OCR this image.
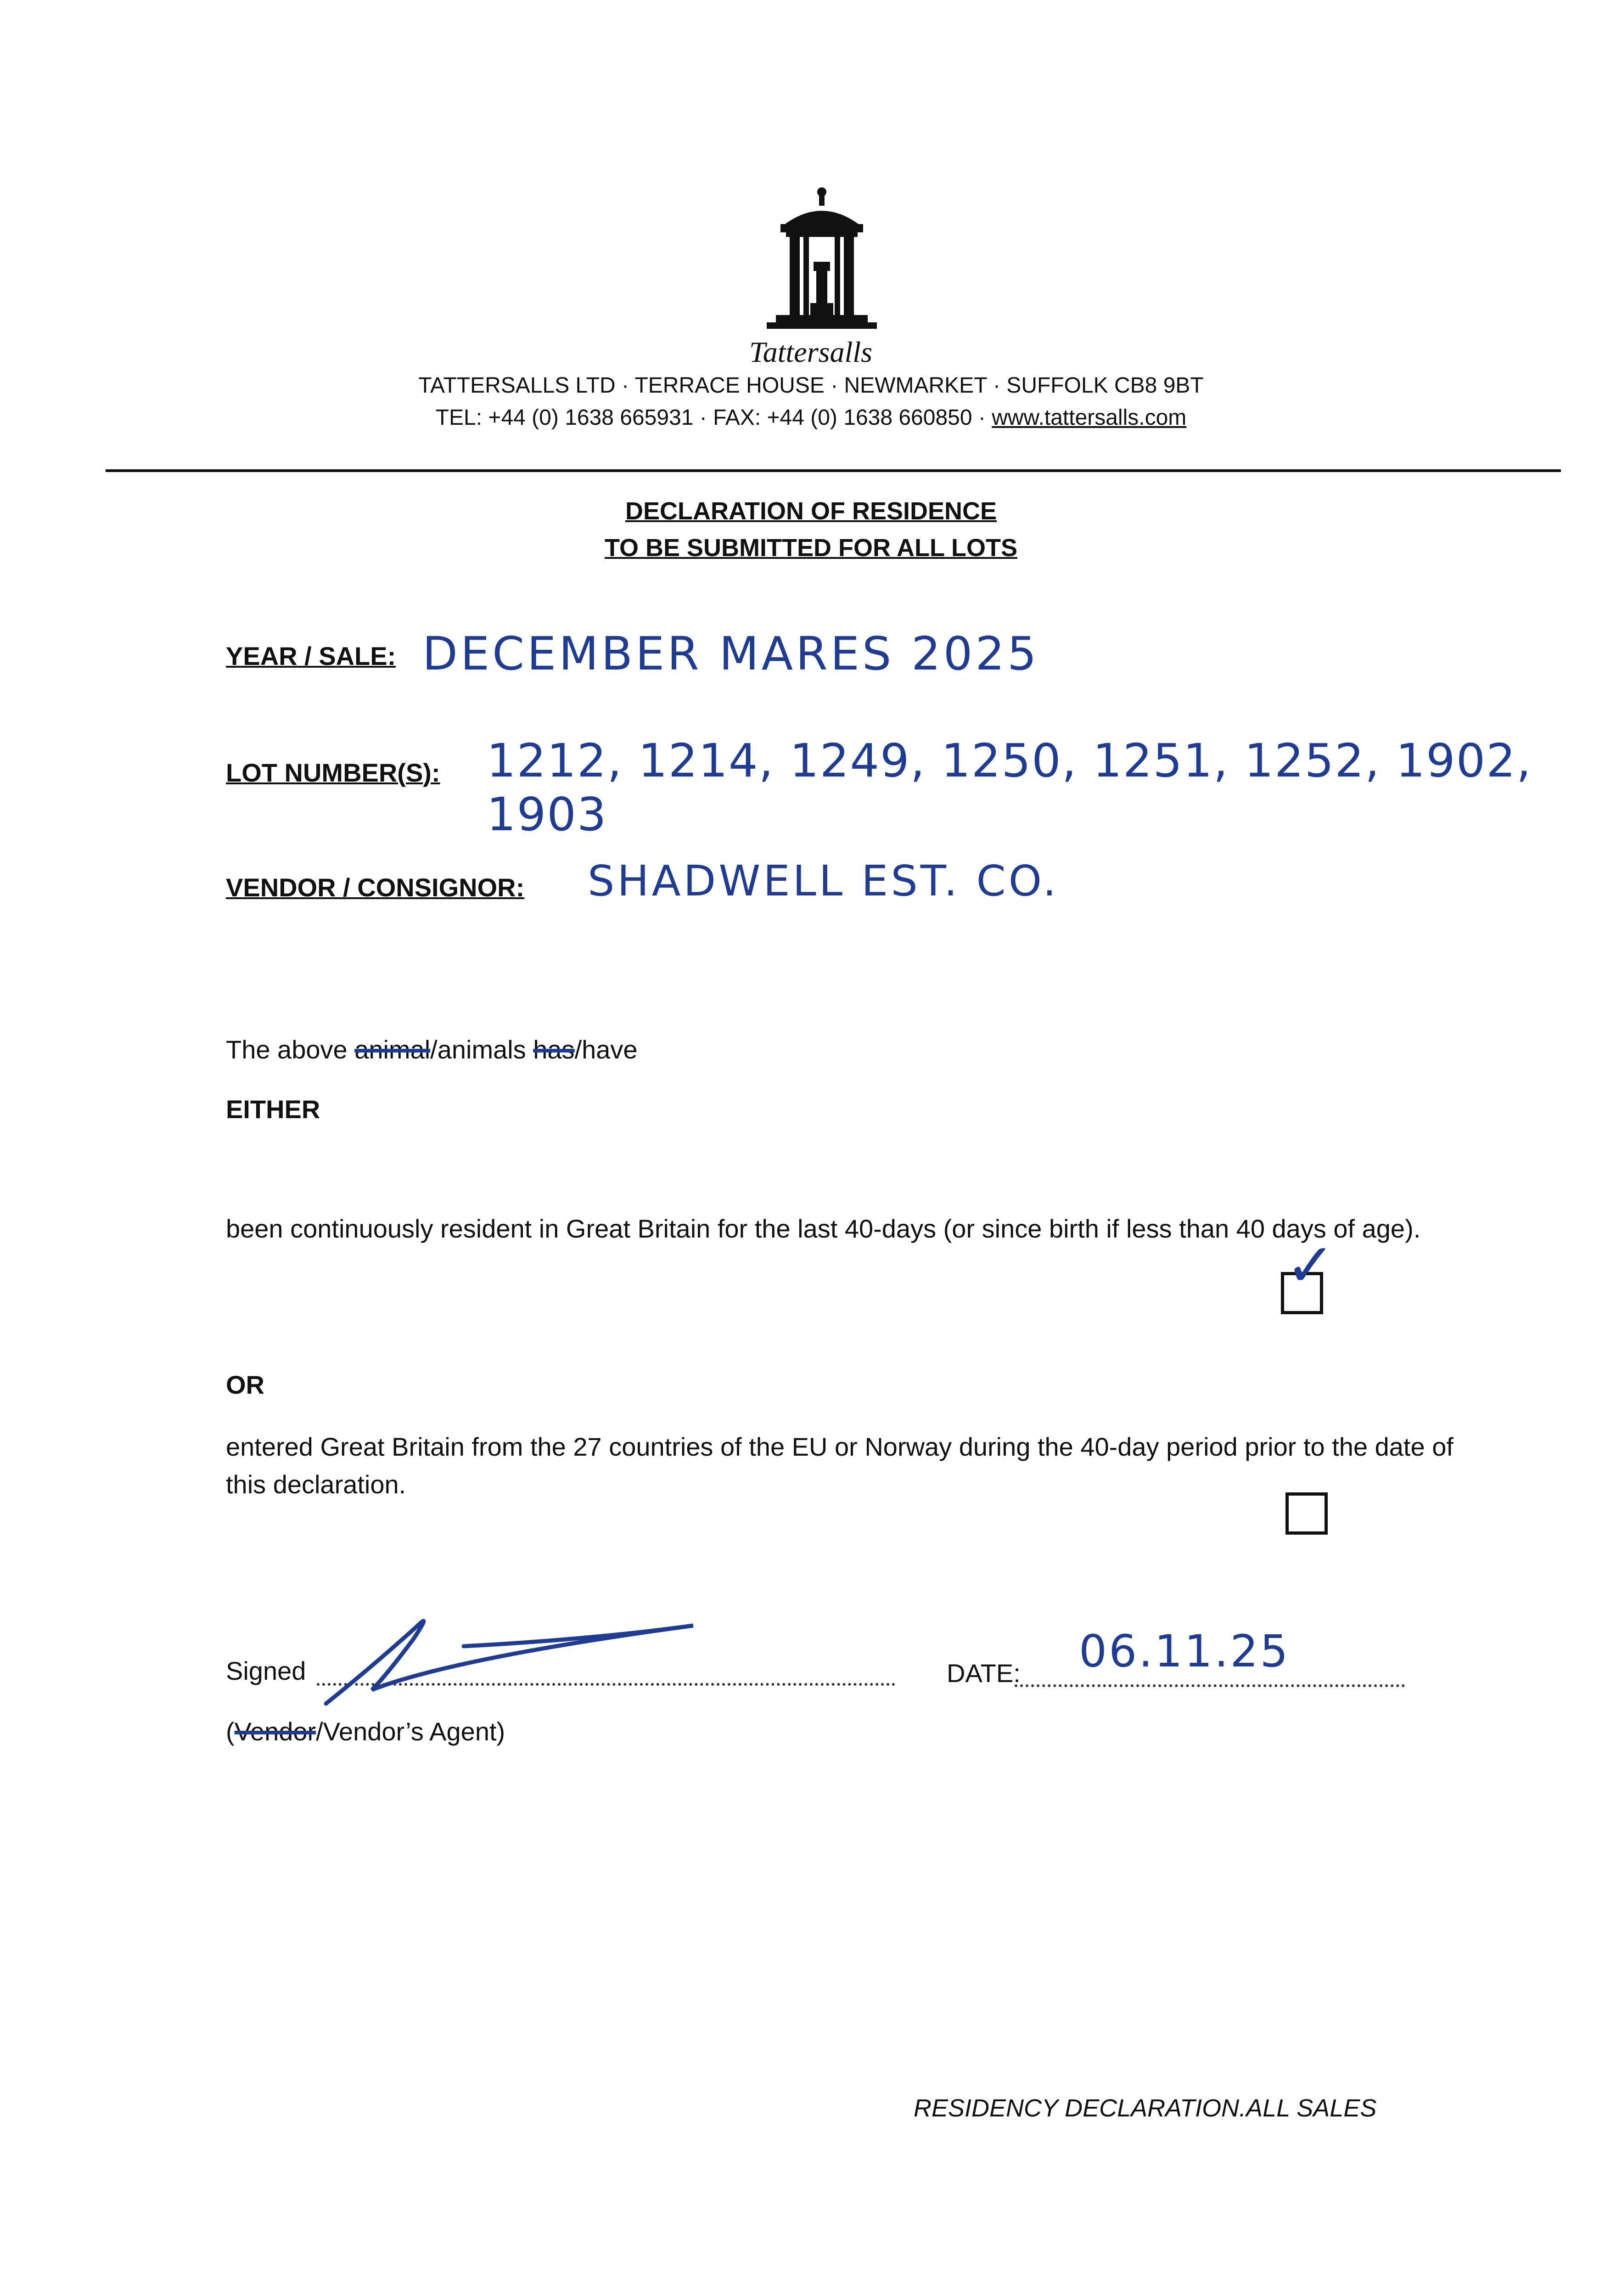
Tattersalls
TATTERSALLS LTD · TERRACE HOUSE · NEWMARKET · SUFFOLK CB8 9BT
TEL: +44 (0) 1638 665931 · FAX: +44 (0) 1638 660850 · www.tattersalls.com
DECLARATION OF RESIDENCE
TO BE SUBMITTED FOR ALL LOTS
YEAR / SALE: DECEMBER MARES 2025
LOT NUMBER(S): 1212, 1214, 1249, 1250, 1251, 1252, 1902, 1903
VENDOR / CONSIGNOR: SHADWELL EST. CO.
The above animal/animals has/have
EITHER
been continuously resident in Great Britain for the last 40-days (or since birth if less than 40 days of age).
✓
OR
entered Great Britain from the 27 countries of the EU or Norway during the 40-day period prior to the date of this declaration.
Signed	DATE: 06.11.25
(Vendor/Vendor’s Agent)
RESIDENCY DECLARATION.ALL SALES
